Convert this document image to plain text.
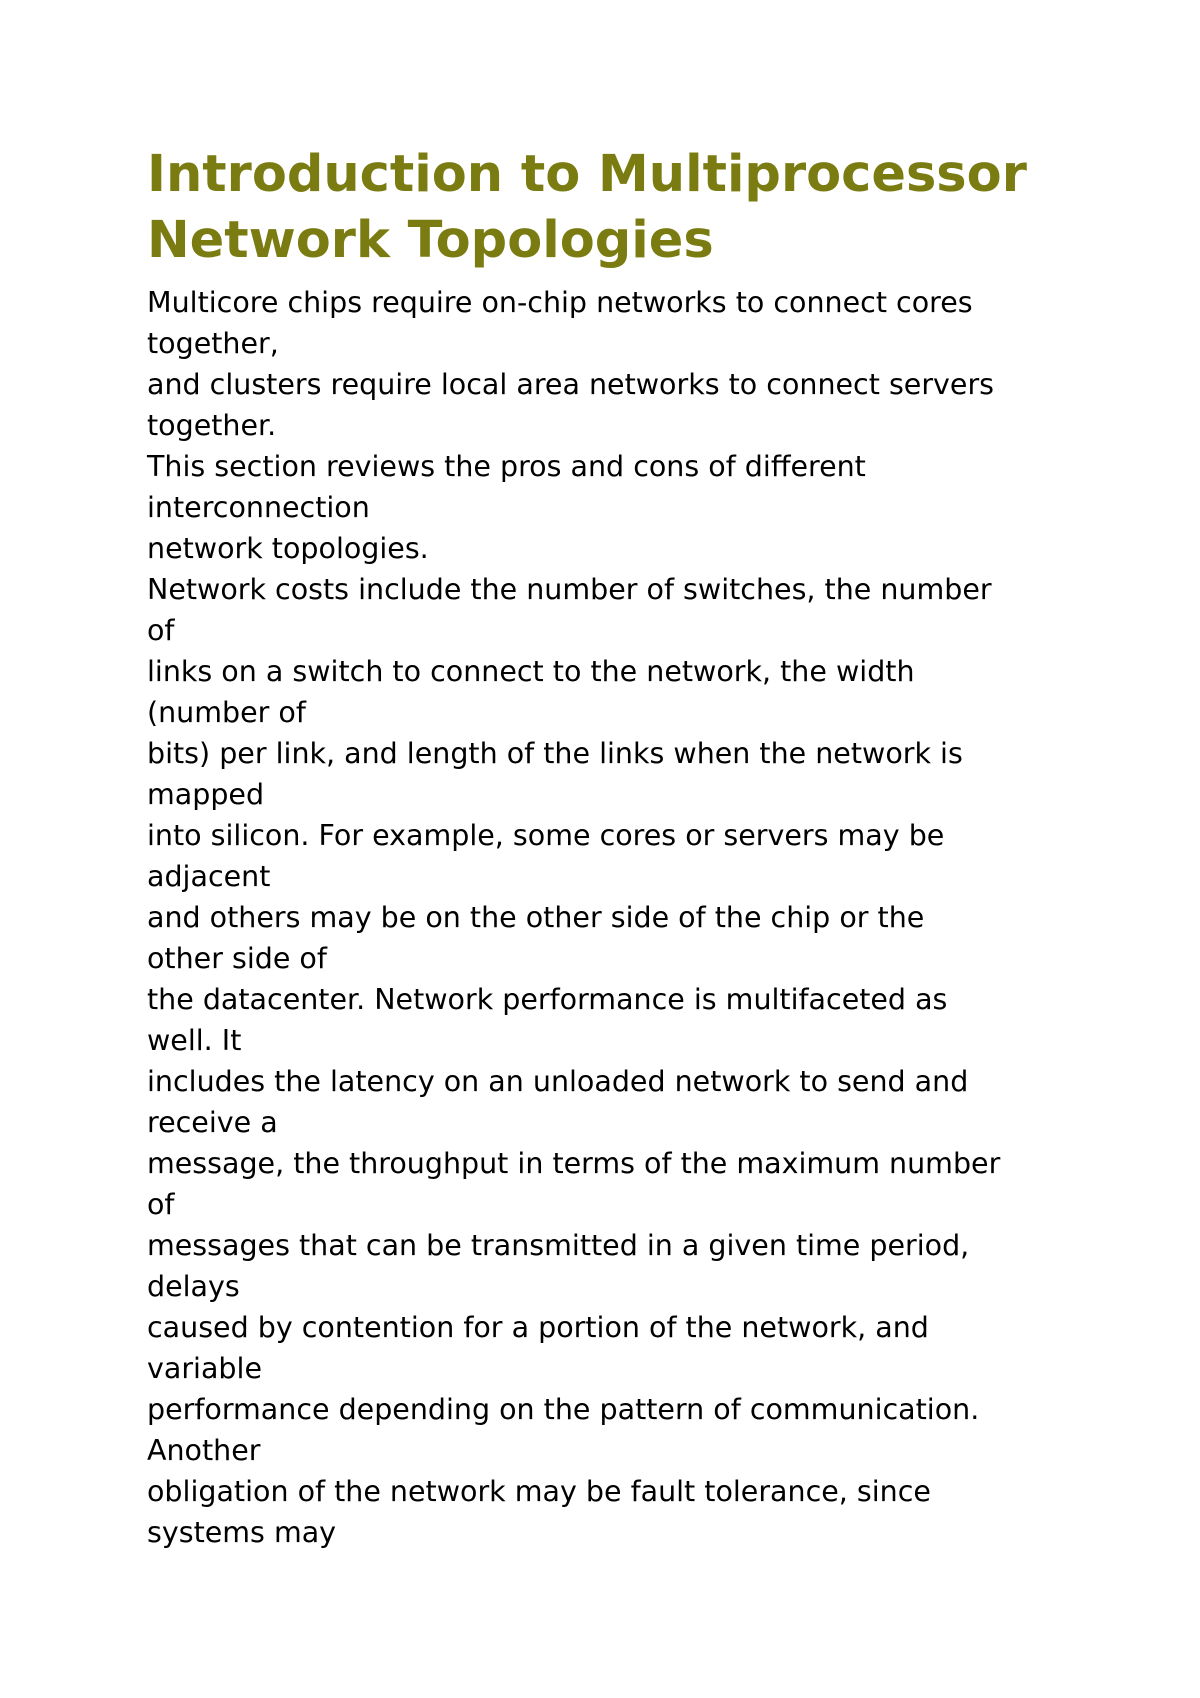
Introduction to Multiprocessor
Network Topologies
Multicore chips require on-chip networks to connect cores
together,
and clusters require local area networks to connect servers
together.
This section reviews the pros and cons of different
interconnection
network topologies.
Network costs include the number of switches, the number
of
links on a switch to connect to the network, the width
(number of
bits) per link, and length of the links when the network is
mapped
into silicon. For example, some cores or servers may be
adjacent
and others may be on the other side of the chip or the
other side of
the datacenter. Network performance is multifaceted as
well. It
includes the latency on an unloaded network to send and
receive a
message, the throughput in terms of the maximum number
of
messages that can be transmitted in a given time period,
delays
caused by contention for a portion of the network, and
variable
performance depending on the pattern of communication.
Another
obligation of the network may be fault tolerance, since
systems may
